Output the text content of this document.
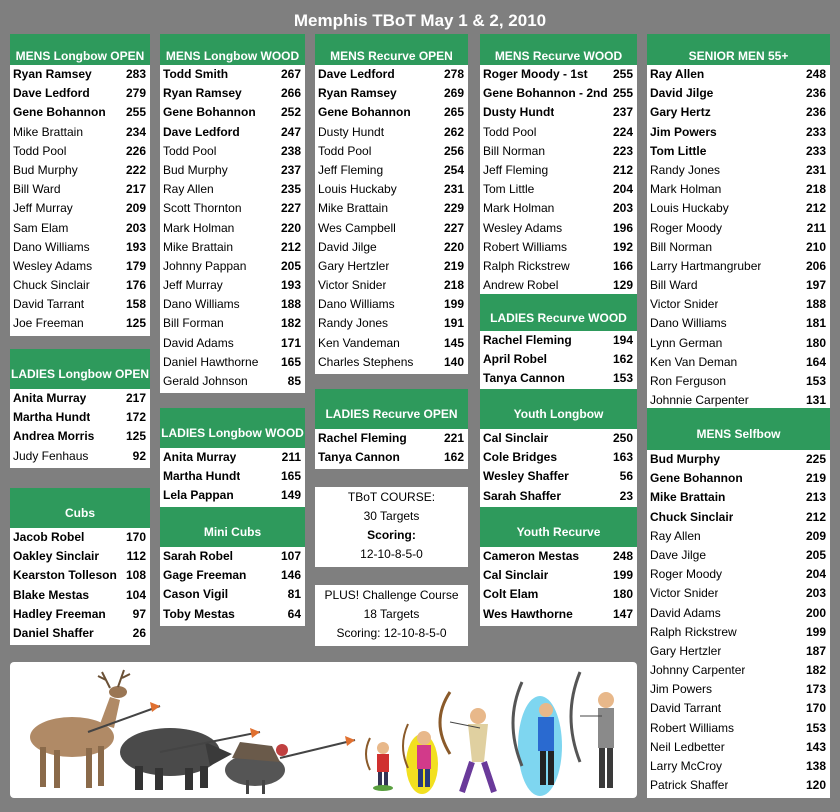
Memphis TBoT May 1 & 2, 2010
MENS Longbow OPEN
Ryan Ramsey	283
Dave Ledford	279
Gene Bohannon 255
Mike Brattain	234
Todd Pool	226
Bud Murphy	222
Bill Ward	217
Jeff Murray	209
Sam Elam	203
Dano Williams	193
Wesley Adams	179
Chuck Sinclair	176
David Tarrant	158
Joe Freeman	125
MENS Longbow WOOD
Todd Smith	267
Ryan Ramsey	266
Gene Bohannon 252
Dave Ledford	247
Todd Pool	238
Bud Murphy	237
Ray Allen	235
Scott Thornton	227
Mark Holman	220
Mike Brattain	212
Johnny Pappan	205
Jeff Murray	193
Dano Williams	188
Bill Forman	182
David Adams	171
Daniel Hawthorne 165
Gerald Johnson	85
MENS Recurve OPEN
Dave Ledford	278
Ryan Ramsey	269
Gene Bohannon	265
Dusty Hundt	262
Todd Pool	256
Jeff Fleming	254
Louis Huckaby	231
Mike Brattain	229
Wes Campbell	227
David Jilge	220
Gary Hertzler	219
Victor Snider	218
Dano Williams	199
Randy Jones	191
Ken Vandeman	145
Charles Stephens	140
MENS Recurve WOOD
Roger Moody - 1st 255
Gene Bohannon - 2nd 255
Dusty Hundt	237
Todd Pool	224
Bill Norman	223
Jeff Fleming	212
Tom Little	204
Mark Holman	203
Wesley Adams	196
Robert Williams	192
Ralph Rickstrew	166
Andrew Robel	129
SENIOR MEN 55+
Ray Allen	248
David Jilge	236
Gary Hertz	236
Jim Powers	233
Tom Little	233
Randy Jones	231
Mark Holman	218
Louis Huckaby	212
Roger Moody	211
Bill Norman	210
Larry Hartmangruber	206
Bill Ward	197
Victor Snider	188
Dano Williams	181
Lynn German	180
Ken Van Deman	164
Ron Ferguson	153
Johnnie Carpenter	131
LADIES Longbow OPEN
Anita Murray	217
Martha Hundt	172
Andrea Morris	125
Judy Fenhaus	92
LADIES Recurve WOOD
Rachel Fleming	194
April Robel	162
Tanya Cannon	153
LADIES Recurve OPEN
Rachel Fleming	221
Tanya Cannon	162
LADIES Longbow WOOD
Anita Murray	211
Martha Hundt	165
Lela Pappan	149
Youth Longbow
Cal Sinclair	250
Cole Bridges	163
Wesley Shaffer	56
Sarah Shaffer	23
MENS Selfbow
Bud Murphy	225
Gene Bohannon	219
Mike Brattain	213
Chuck Sinclair	212
Ray Allen	209
Dave Jilge	205
Roger Moody	204
Victor Snider	203
David Adams	200
Ralph Rickstrew	199
Gary Hertzler	187
Johnny Carpenter	182
Jim Powers	173
David Tarrant	170
Robert Williams	153
Neil Ledbetter	143
Larry McCroy	138
Patrick Shaffer	120
Cubs
Jacob Robel	170
Oakley Sinclair 112
Kearston Tolleson 108
Blake Mestas	104
Hadley Freeman 97
Daniel Shaffer	26
Mini Cubs
Sarah Robel	107
Gage Freeman	146
Cason Vigil	81
Toby Mestas	64
Youth Recurve
Cameron Mestas	248
Cal Sinclair	199
Colt Elam	180
Wes Hawthorne	147
TBoT COURSE:
30 Targets
Scoring:
12-10-8-5-0
PLUS! Challenge Course
18 Targets
Scoring: 12-10-8-5-0
